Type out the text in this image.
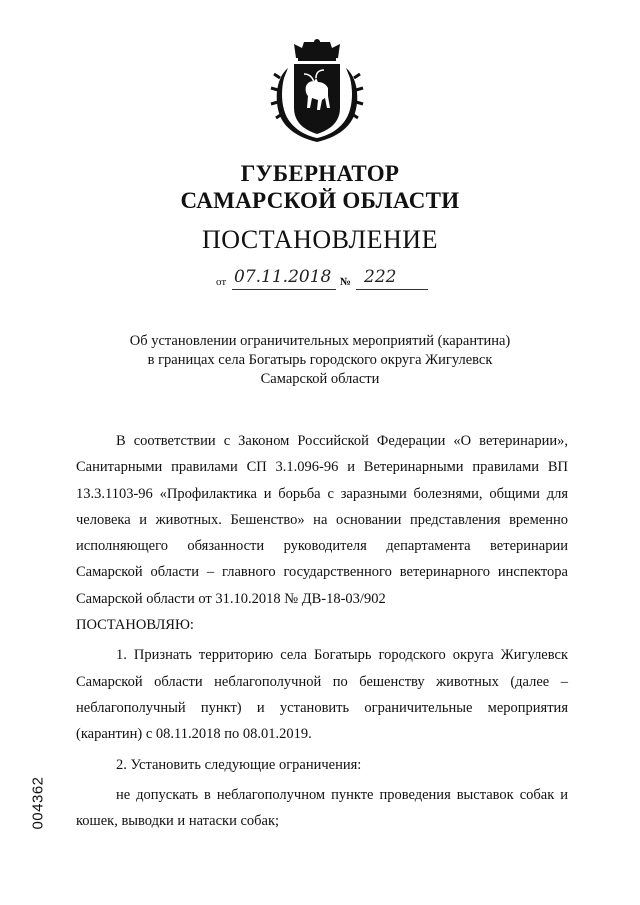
ГУБЕРНАТОР
САМАРСКОЙ ОБЛАСТИ
ПОСТАНОВЛЕНИЕ
от 07.11.2018 № 222
Об установлении ограничительных мероприятий (карантина)
в границах села Богатырь городского округа Жигулевск
Самарской области

В соответствии с Законом Российской Федерации «О ветеринарии», Санитарными правилами СП 3.1.096-96 и Ветеринарными правилами ВП 13.3.1103-96 «Профилактика и борьба с заразными болезнями, общими для человека и животных. Бешенство» на основании представления временно исполняющего обязанности руководителя департамента ветеринарии Самарской области – главного государственного ветеринарного инспектора Самарской области от 31.10.2018 № ДВ-18-03/902

ПОСТАНОВЛЯЮ:

1. Признать территорию села Богатырь городского округа Жигулевск Самарской области неблагополучной по бешенству животных (далее – неблагополучный пункт) и установить ограничительные мероприятия (карантин) с 08.11.2018 по 08.01.2019.

2. Установить следующие ограничения:

не допускать в неблагополучном пункте проведения выставок собак и кошек, выводки и натаски собак;

004362
